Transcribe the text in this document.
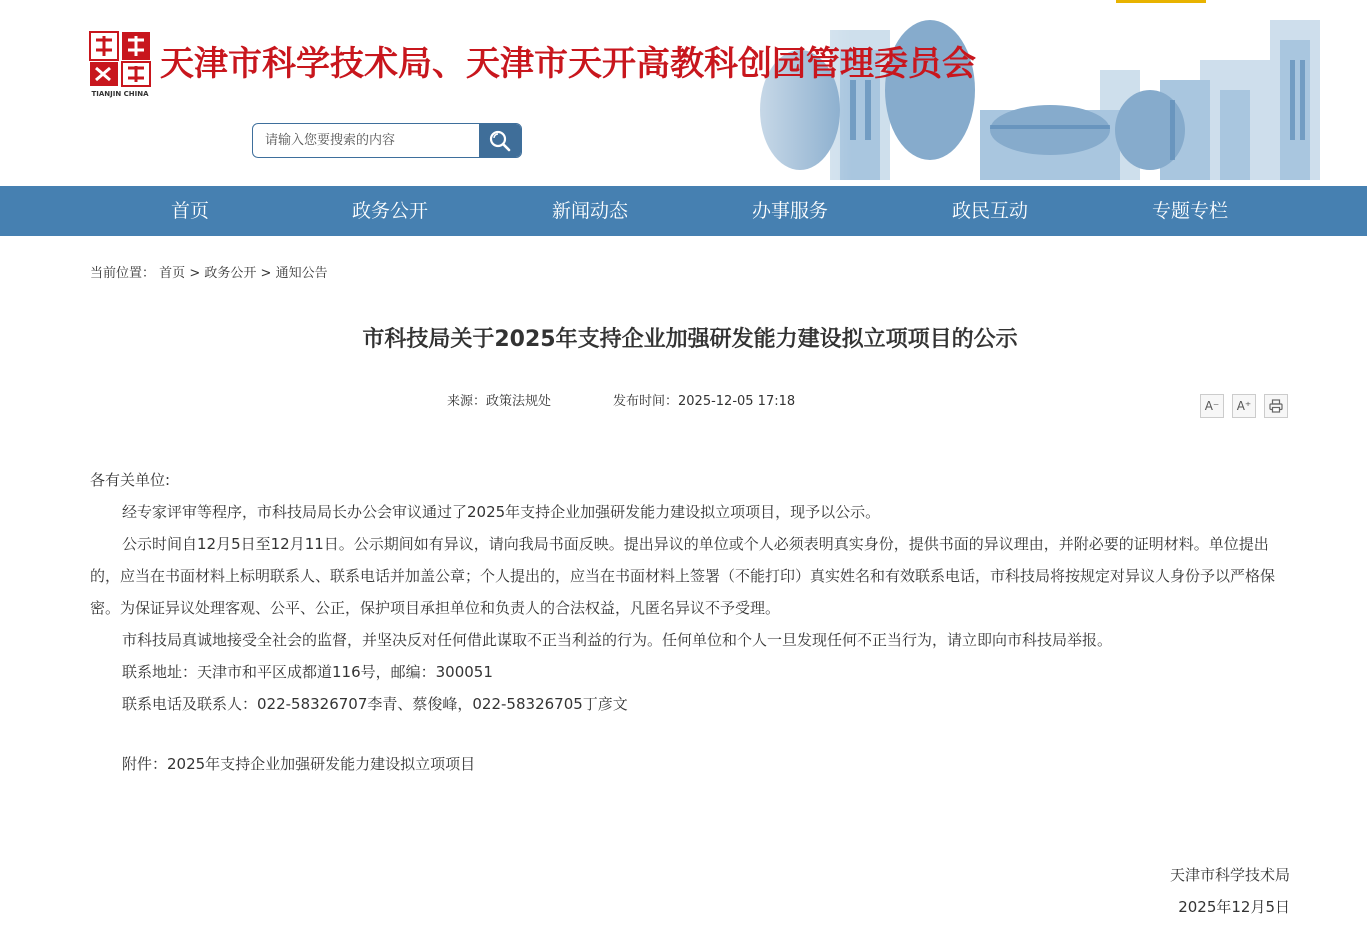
TIANJIN CHINA
天津市科学技术局、天津市天开高教科创园管理委员会
请输入您要搜索的内容
首页	政务公开	新闻动态	办事服务	政民互动	专题专栏
当前位置： 首页 > 政务公开 > 通知公告
市科技局关于2025年支持企业加强研发能力建设拟立项项目的公示
来源：政策法规处	发布时间：2025-12-05 17:18	A⁻	A⁺

各有关单位:

经专家评审等程序，市科技局局长办公会审议通过了2025年支持企业加强研发能力建设拟立项项目，现予以公示。

公示时间自12月5日至12月11日。公示期间如有异议，请向我局书面反映。提出异议的单位或个人必须表明真实身份，提供书面的异议理由，并附必要的证明材料。单位提出的，应当在书面材料上标明联系人、联系电话并加盖公章；个人提出的，应当在书面材料上签署（不能打印）真实姓名和有效联系电话，市科技局将按规定对异议人身份予以严格保密。为保证异议处理客观、公平、公正，保护项目承担单位和负责人的合法权益，凡匿名异议不予受理。

市科技局真诚地接受全社会的监督，并坚决反对任何借此谋取不正当利益的行为。任何单位和个人一旦发现任何不正当行为，请立即向市科技局举报。

联系地址：天津市和平区成都道116号，邮编：300051

联系电话及联系人：022-58326707李青、蔡俊峰，022-58326705丁彦文

附件：2025年支持企业加强研发能力建设拟立项项目

天津市科学技术局
2025年12月5日
